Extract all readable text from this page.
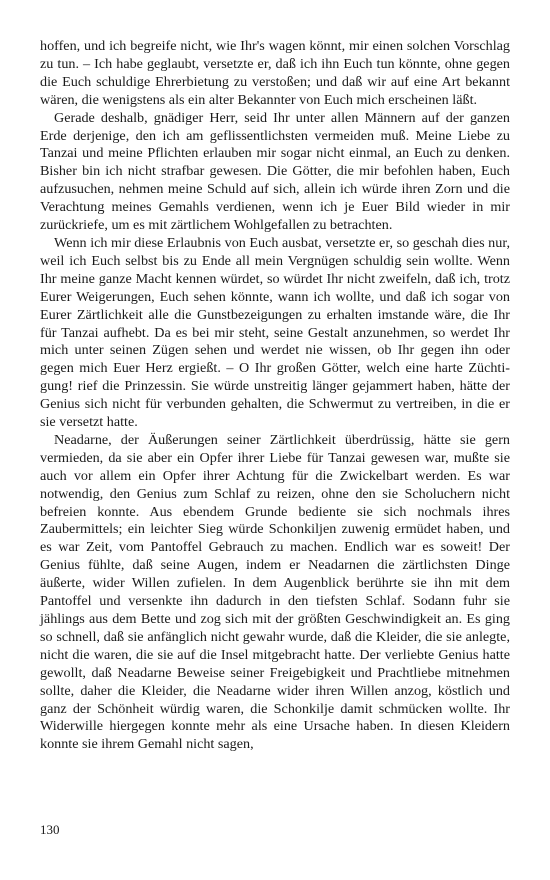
hoffen, und ich begreife nicht, wie Ihr's wagen könnt, mir einen solchen Vorschlag zu tun. – Ich habe geglaubt, versetzte er, daß ich ihn Euch tun könnte, ohne gegen die Euch schuldige Ehrerbietung zu verstoßen; und daß wir auf eine Art bekannt wären, die wenigstens als ein alter Bekannter von Euch mich erscheinen läßt.

Gerade deshalb, gnädiger Herr, seid Ihr unter allen Männern auf der ganzen Erde derjenige, den ich am geflissentlichsten vermeiden muß. Meine Liebe zu Tanzai und meine Pflichten erlauben mir sogar nicht einmal, an Euch zu denken. Bisher bin ich nicht strafbar gewesen. Die Götter, die mir befohlen haben, Euch aufzusuchen, nehmen meine Schuld auf sich, allein ich würde ihren Zorn und die Verachtung meines Gemahls verdienen, wenn ich je Euer Bild wieder in mir zurückriefe, um es mit zärtlichem Wohlgefallen zu betrachten.

Wenn ich mir diese Erlaubnis von Euch ausbat, versetzte er, so geschah dies nur, weil ich Euch selbst bis zu Ende all mein Vergnügen schuldig sein wollte. Wenn Ihr meine ganze Macht kennen würdet, so würdet Ihr nicht zweifeln, daß ich, trotz Eurer Weigerungen, Euch sehen könnte, wann ich wollte, und daß ich sogar von Eurer Zärtlichkeit alle die Gunstbezeigungen zu erhalten imstande wäre, die Ihr für Tanzai aufhebt. Da es bei mir steht, seine Gestalt anzunehmen, so werdet Ihr mich unter seinen Zügen sehen und werdet nie wissen, ob Ihr gegen ihn oder gegen mich Euer Herz ergießt. – O Ihr großen Götter, welch eine harte Züchtigung! rief die Prinzessin. Sie würde unstreitig länger gejammert haben, hätte der Genius sich nicht für verbunden gehalten, die Schwermut zu vertreiben, in die er sie versetzt hatte.

Neadarne, der Äußerungen seiner Zärtlichkeit überdrüssig, hätte sie gern vermieden, da sie aber ein Opfer ihrer Liebe für Tanzai gewesen war, mußte sie auch vor allem ein Opfer ihrer Achtung für die Zwickelbart werden. Es war notwendig, den Genius zum Schlaf zu reizen, ohne den sie Scholuchern nicht befreien konnte. Aus ebendem Grunde bediente sie sich nochmals ihres Zaubermittels; ein leichter Sieg würde Schonkiljen zuwenig ermüdet haben, und es war Zeit, vom Pantoffel Gebrauch zu machen. Endlich war es soweit! Der Genius fühlte, daß seine Augen, indem er Neadarnen die zärtlichsten Dinge äußerte, wider Willen zufielen. In dem Augenblick berührte sie ihn mit dem Pantoffel und versenkte ihn dadurch in den tiefsten Schlaf. Sodann fuhr sie jählings aus dem Bette und zog sich mit der größten Geschwindigkeit an. Es ging so schnell, daß sie anfänglich nicht gewahr wurde, daß die Kleider, die sie anlegte, nicht die waren, die sie auf die Insel mitgebracht hatte. Der verliebte Genius hatte gewollt, daß Neadarne Beweise seiner Freigebigkeit und Prachtliebe mitnehmen sollte, daher die Kleider, die Neadarne wider ihren Willen anzog, köstlich und ganz der Schönheit würdig waren, die Schonkilje damit schmücken wollte. Ihr Widerwille hiergegen konnte mehr als eine Ursache haben. In diesen Kleidern konnte sie ihrem Gemahl nicht sagen,

130
